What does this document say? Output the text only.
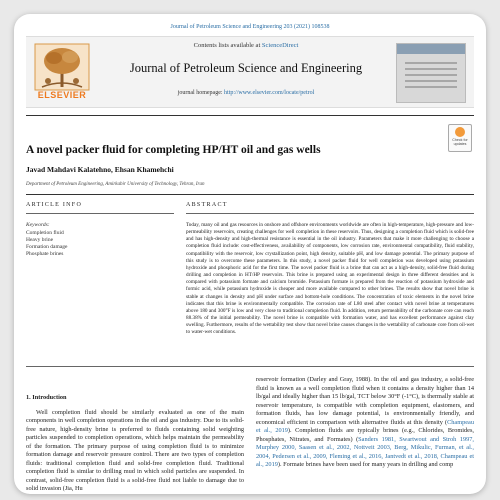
Journal of Petroleum Science and Engineering 203 (2021) 108538
ELSEVIER
Contents lists available at ScienceDirect
Journal of Petroleum Science and Engineering
journal homepage: http://www.elsevier.com/locate/petrol
Check for updates
A novel packer fluid for completing HP/HT oil and gas wells
Javad Mahdavi Kalatehno, Ehsan Khamehchi
Department of Petroleum Engineering, Amirkabir University of Technology, Tehran, Iran
ARTICLE INFO	ABSTRACT
Keywords:
Completion fluid
Heavy brine
Formation damage
Phosphate brines
Today, many oil and gas resources in onshore and offshore environments worldwide are often in high-temperature, high-pressure and low-permeability reservoirs, creating challenges for well completion in these reservoirs. Thus, designing a completion fluid which is solid-free and has high-density and high-thermal resistance is essential in the oil industry. Parameters that make it more challenging to choose a completion fluid include: cost-effectiveness, availability of components, low corrosion rate, environmental compatibility, fluid stability, compatibility with the reservoir, low crystallization point, high density, suitable pH, and low damage potential. The primary purpose of this study is to overcome these parameters. In this study, a novel packer fluid for well completion was developed using potassium hydroxide and phosphoric acid for the first time. The novel packer fluid is a brine that can act as a high-density, solid-free fluid during drilling and completion in HT/HP reservoirs. This brine is prepared using an experimental design in three different densities and is compared with potassium formate and calcium bromide. Potassium formate is prepared from the reaction of potassium hydroxide and formic acid, while potassium hydroxide is cheaper and more available compared to other brines. The results show that novel brine is stable at changes in density and pH under surface and bottom-hole conditions. The concentration of toxic elements in the novel brine indicates that this brine is environmentally compatible. The corrosion rate of L80 steel after contact with novel brine at temperatures above 180 and 300°F is low and very close to traditional completion fluid. In addition, return permeability of the carbonate core can reach 88.38% of the initial permeability. The novel brine is compatible with formation water, and has excellent performance against clay swelling. Furthermore, results of the wettability test show that novel brine causes changes in the wettability of carbonate core from oil-wet to water-wet conditions.
1. Introduction
Well completion fluid should be similarly evaluated as one of the main components in well completion operations in the oil and gas industry. Due to its solid-free nature, high-density brine is preferred to fluids containing solid weighting particles suspended to completion operations, which helps maintain the permeability of the formation. The primary purpose of using completion fluid is to minimize formation damage and reservoir pressure control. There are two types of completion fluids: traditional completion fluid and solid-free completion fluid. Traditional completion fluid is similar to drilling mud in which solid particles are suspended. In contrast, solid-free completion fluid is a solid-free fluid not liable to damage due to solid invasion (Jia, Hu
reservoir formation (Darley and Gray, 1988). In the oil and gas industry, a solid-free fluid is known as a well completion fluid when it contains a density higher than 14 lb/gal and ideally higher than 15 lb/gal, TCT below 30°F (-1°C), is thermally stable at reservoir temperature, is compatible with completion equipment, elastomers, and formation fluids, has low damage potential, is environmentally friendly, and economical efficient in comparison with alternative fluids at this density (Champeau et al., 2019). Completion fluids are typically brines (e.g., Chlorides, Bromides, Phosphates, Nitrates, and Formates) (Sanders 1981, Swartwout and Stroh 1997, Murphey 2000, Saasen et al., 2002, Nottveit 2003, Berg, Mikulic, Furman, et al., 2004, Pedersen et al., 2009, Fleming et al., 2016, Jantvedt et al., 2018, Champeau et al., 2019). Formate brines have been used for many years in drilling and comp
